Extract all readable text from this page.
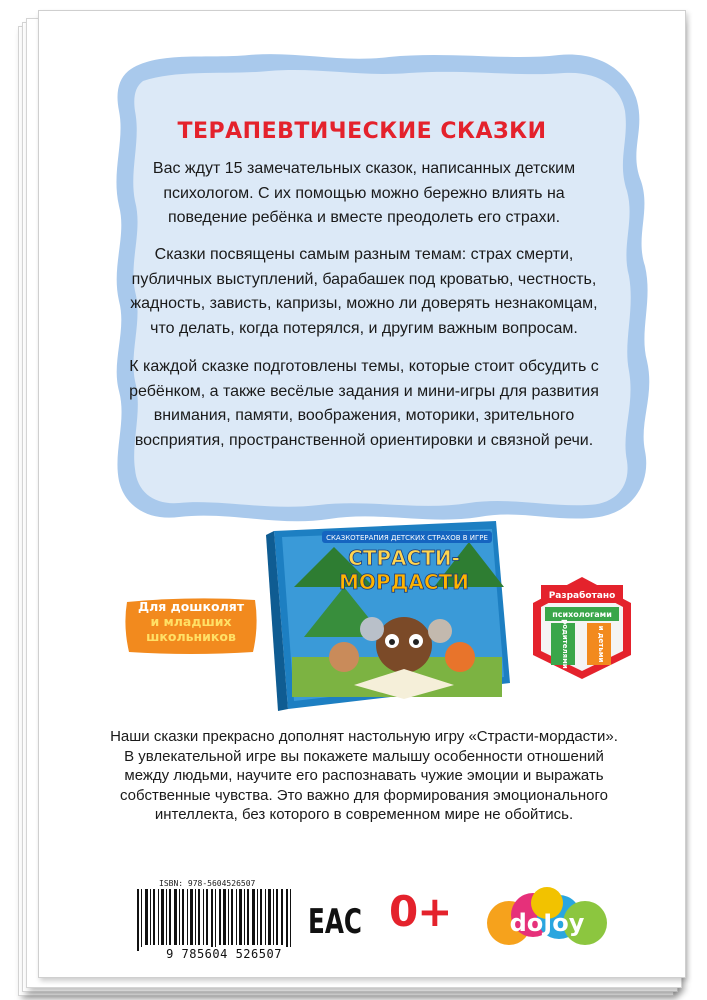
ТЕРАПЕВТИЧЕСКИЕ СКАЗКИ
Вас ждут 15 замечательных сказок, написанных детским психологом. С их помощью можно бережно влиять на поведение ребёнка и вместе преодолеть его страхи.
Сказки посвящены самым разным темам: страх смерти, публичных выступлений, барабашек под кроватью, честность, жадность, зависть, капризы, можно ли доверять незнакомцам, что делать, когда потерялся, и другим важным вопросам.
К каждой сказке подготовлены темы, которые стоит обсудить с ребёнком, а также весёлые задания и мини-игры для развития внимания, памяти, воображения, моторики, зрительного восприятия, пространственной ориентировки и связной речи.
СКАЗКОТЕРАПИЯ ДЕТСКИХ СТРАХОВ В ИГРЕ
СТРАСТИ-
МОРДАСТИ
Для дошколят
и младших
школьников
Разработано
психологами
родителями	и детьми
Наши сказки прекрасно дополнят настольную игру «Страсти-мордасти». В увлекательной игре вы покажете малышу особенности отношений между людьми, научите его распознавать чужие эмоции и выражать собственные чувства. Это важно для формирования эмоционального интеллекта, без которого в современном мире не обойтись.
ISBN: 978-5604526507
9 785604 526507
EAC 0+ doJoy
